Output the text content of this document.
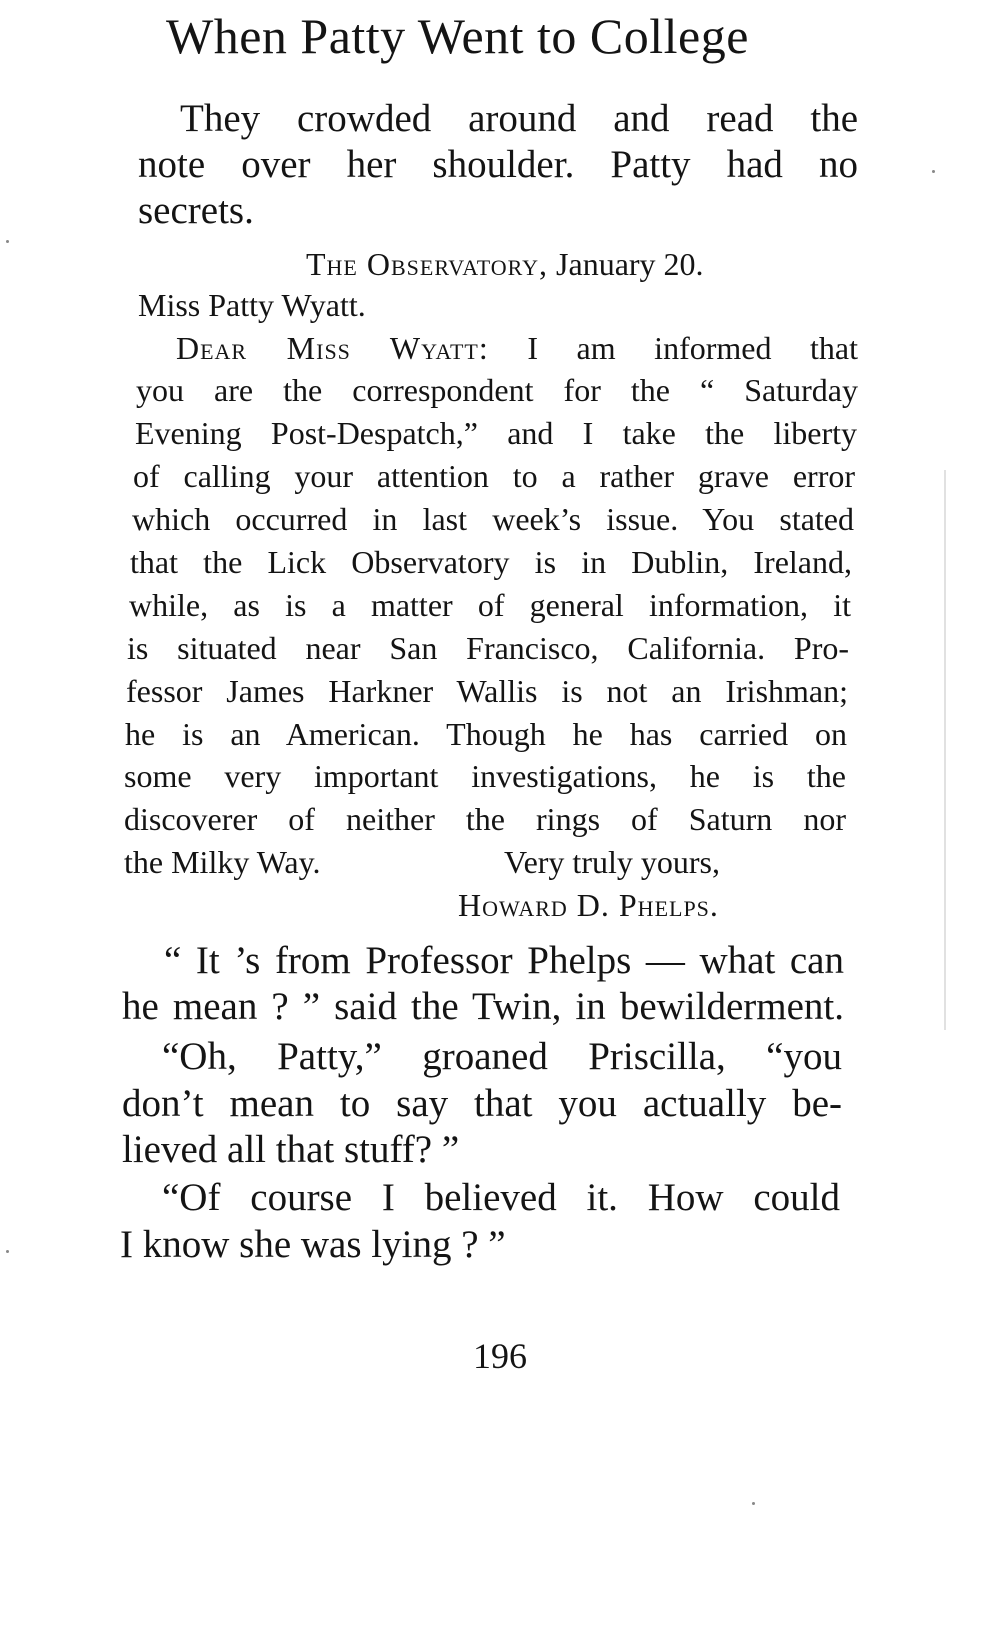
When Patty Went to College
They crowded around and read the
note over her shoulder. Patty had no
secrets.
The Observatory, January 20.
Miss Patty Wyatt.
Dear Miss Wyatt: I am informed that
you are the correspondent for the “ Saturday
Evening Post-Despatch,” and I take the liberty
of calling your attention to a rather grave error
which occurred in last week’s issue. You stated
that the Lick Observatory is in Dublin, Ireland,
while, as is a matter of general information, it
is situated near San Francisco, California. Pro-
fessor James Harkner Wallis is not an Irishman;
he is an American. Though he has carried on
some very important investigations, he is the
discoverer of neither the rings of Saturn nor
the Milky Way.	Very truly yours,
Howard D. Phelps.
“ It ’s from Professor Phelps — what can
he mean ? ” said the Twin, in bewilderment.
“Oh, Patty,” groaned Priscilla, “you
don’t mean to say that you actually be-
lieved all that stuff? ”
“Of course I believed it. How could
I know she was lying ? ”
196
